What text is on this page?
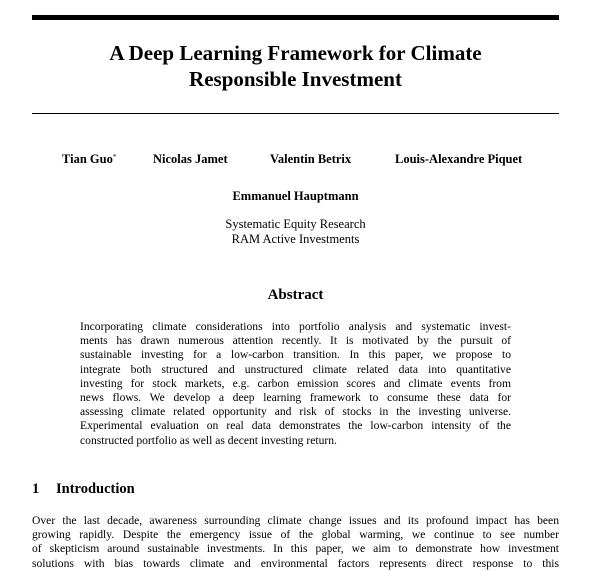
A Deep Learning Framework for Climate
Responsible Investment
Tian Guo*	Nicolas Jamet	Valentin Betrix	Louis-Alexandre Piquet
Emmanuel Hauptmann
Systematic Equity Research
RAM Active Investments
Abstract
Incorporating climate considerations into portfolio analysis and systematic invest-
ments has drawn numerous attention recently. It is motivated by the pursuit of
sustainable investing for a low-carbon transition. In this paper, we propose to
integrate both structured and unstructured climate related data into quantitative
investing for stock markets, e.g. carbon emission scores and climate events from
news flows. We develop a deep learning framework to consume these data for
assessing climate related opportunity and risk of stocks in the investing universe.
Experimental evaluation on real data demonstrates the low-carbon intensity of the
constructed portfolio as well as decent investing return.
1 Introduction
Over the last decade, awareness surrounding climate change issues and its profound impact has been
growing rapidly. Despite the emergency issue of the global warming, we continue to see number
of skepticism around sustainable investments. In this paper, we aim to demonstrate how investment
solutions with bias towards climate and environmental factors represents direct response to this
